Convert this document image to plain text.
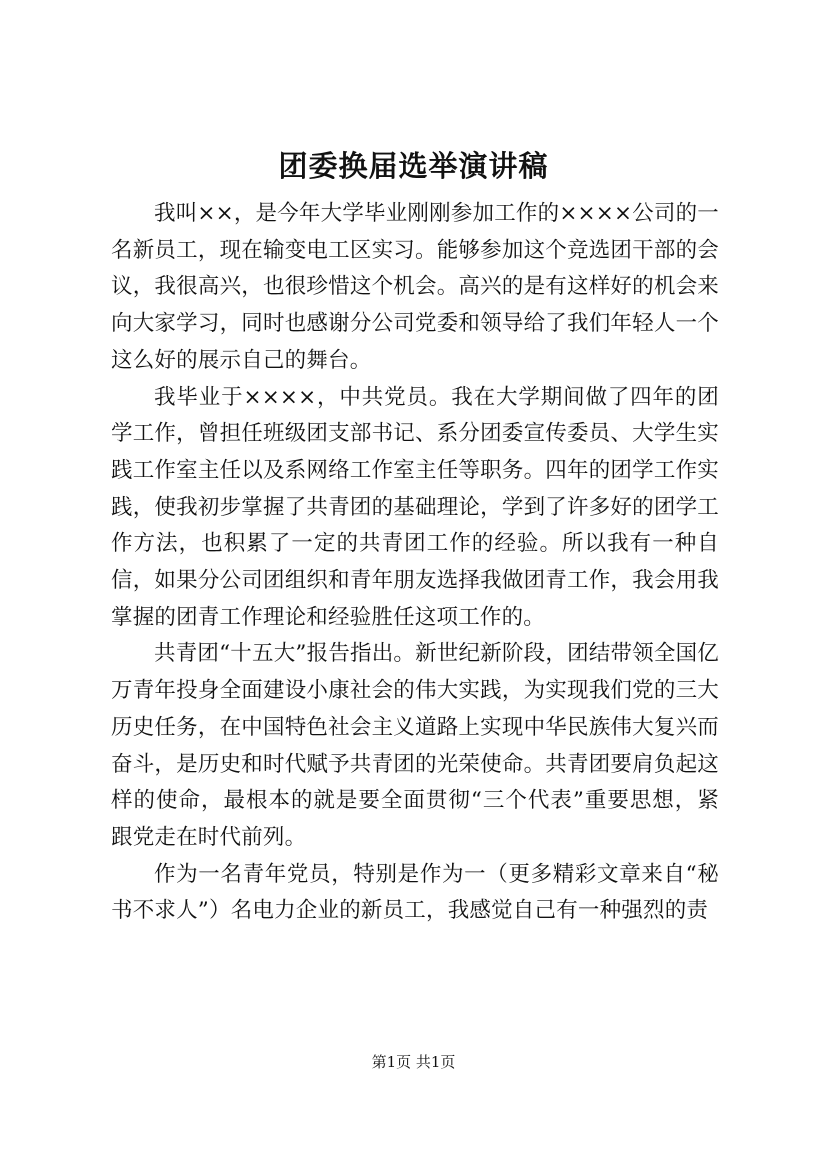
团委换届选举演讲稿

我叫××，是今年大学毕业刚刚参加工作的××××公司的一名新员工，现在输变电工区实习。能够参加这个竞选团干部的会议，我很高兴，也很珍惜这个机会。高兴的是有这样好的机会来向大家学习，同时也感谢分公司党委和领导给了我们年轻人一个这么好的展示自己的舞台。

我毕业于××××，中共党员。我在大学期间做了四年的团学工作，曾担任班级团支部书记、系分团委宣传委员、大学生实践工作室主任以及系网络工作室主任等职务。四年的团学工作实践，使我初步掌握了共青团的基础理论，学到了许多好的团学工作方法，也积累了一定的共青团工作的经验。所以我有一种自信，如果分公司团组织和青年朋友选择我做团青工作，我会用我掌握的团青工作理论和经验胜任这项工作的。

共青团“十五大”报告指出。新世纪新阶段，团结带领全国亿万青年投身全面建设小康社会的伟大实践，为实现我们党的三大历史任务，在中国特色社会主义道路上实现中华民族伟大复兴而奋斗，是历史和时代赋予共青团的光荣使命。共青团要肩负起这样的使命，最根本的就是要全面贯彻“三个代表”重要思想，紧跟党走在时代前列。

作为一名青年党员，特别是作为一（更多精彩文章来自“秘书不求人”）名电力企业的新员工，我感觉自己有一种强烈的责

第1页 共1页
